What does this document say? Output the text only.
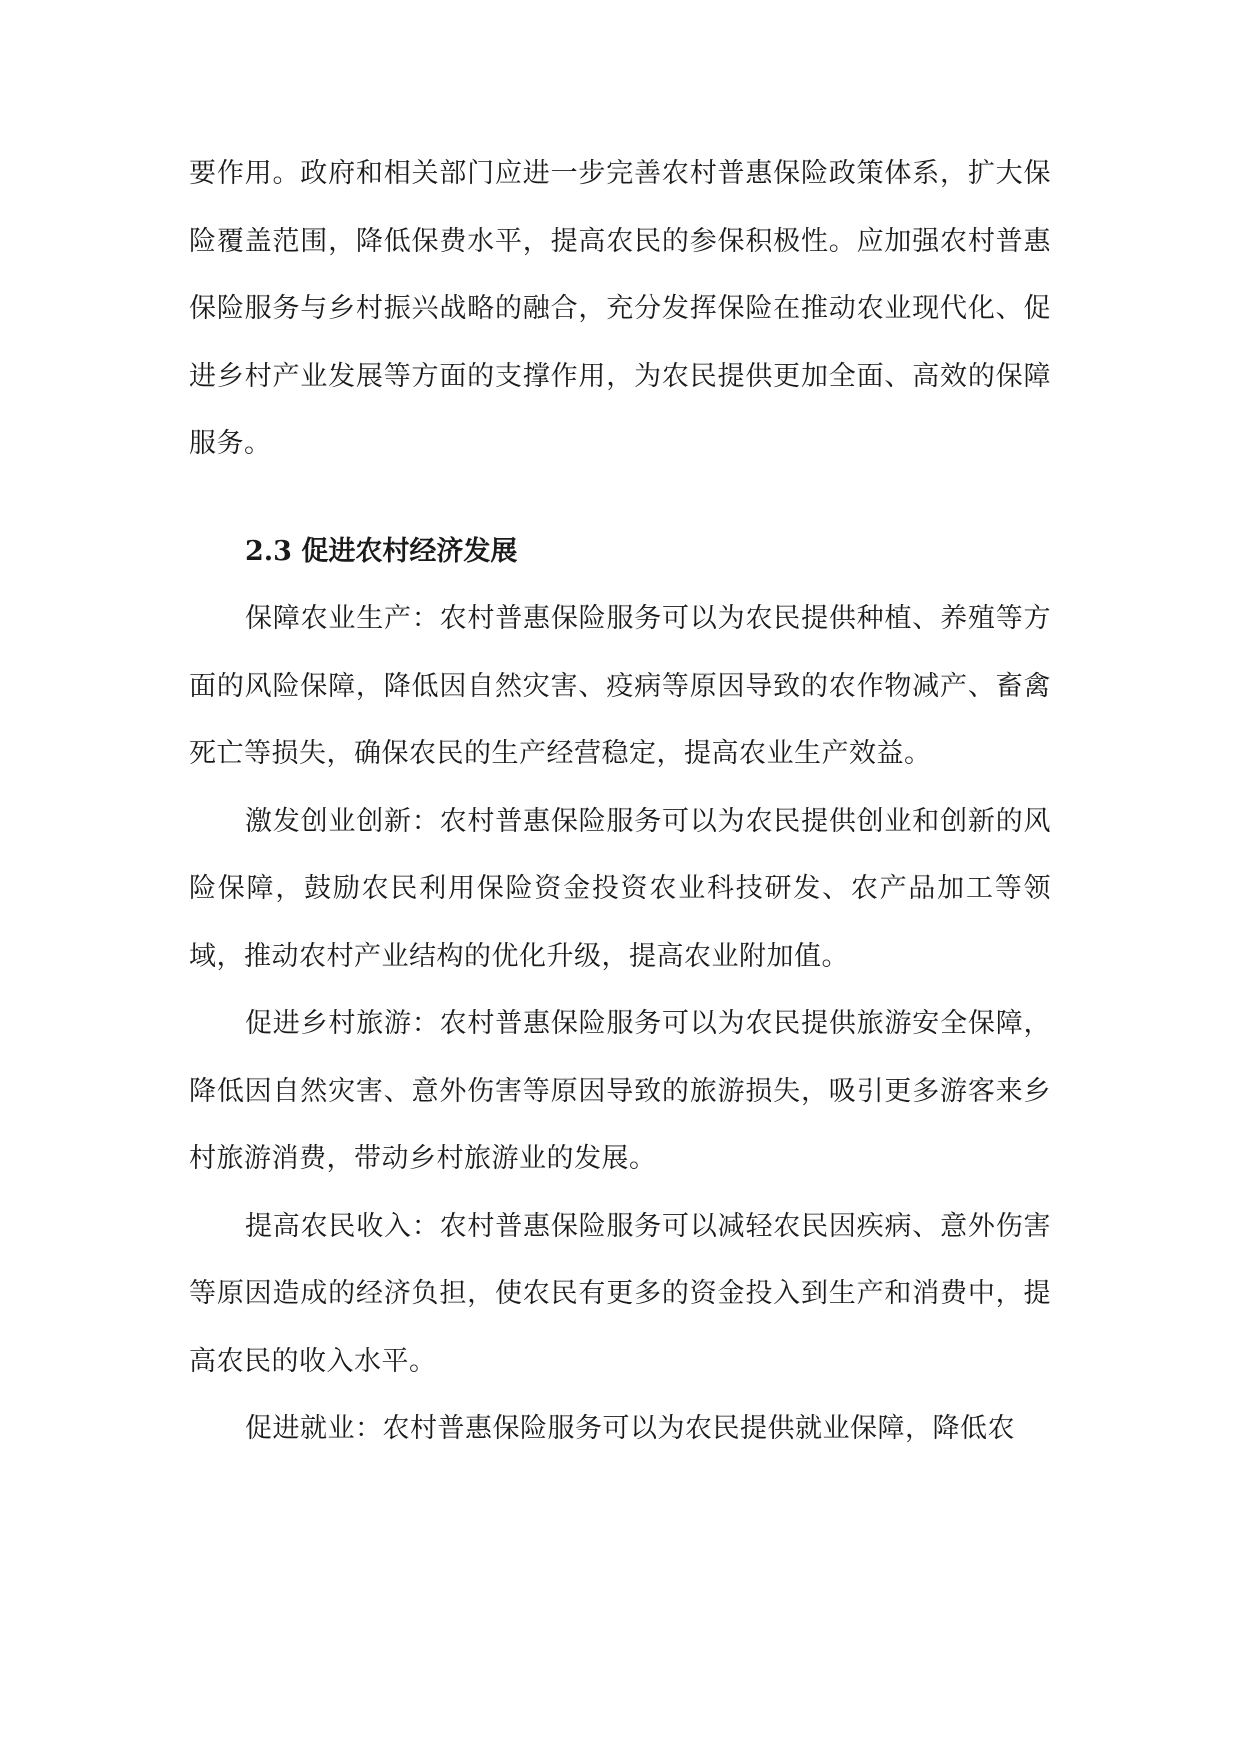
要作用。政府和相关部门应进一步完善农村普惠保险政策体系，扩大保险覆盖范围，降低保费水平，提高农民的参保积极性。应加强农村普惠保险服务与乡村振兴战略的融合，充分发挥保险在推动农业现代化、促进乡村产业发展等方面的支撑作用，为农民提供更加全面、高效的保障服务。

2.3 促进农村经济发展

保障农业生产：农村普惠保险服务可以为农民提供种植、养殖等方面的风险保障，降低因自然灾害、疫病等原因导致的农作物减产、畜禽死亡等损失，确保农民的生产经营稳定，提高农业生产效益。

激发创业创新：农村普惠保险服务可以为农民提供创业和创新的风险保障，鼓励农民利用保险资金投资农业科技研发、农产品加工等领域，推动农村产业结构的优化升级，提高农业附加值。

促进乡村旅游：农村普惠保险服务可以为农民提供旅游安全保障，降低因自然灾害、意外伤害等原因导致的旅游损失，吸引更多游客来乡村旅游消费，带动乡村旅游业的发展。

提高农民收入：农村普惠保险服务可以减轻农民因疾病、意外伤害等原因造成的经济负担，使农民有更多的资金投入到生产和消费中，提高农民的收入水平。

促进就业：农村普惠保险服务可以为农民提供就业保障，降低农
